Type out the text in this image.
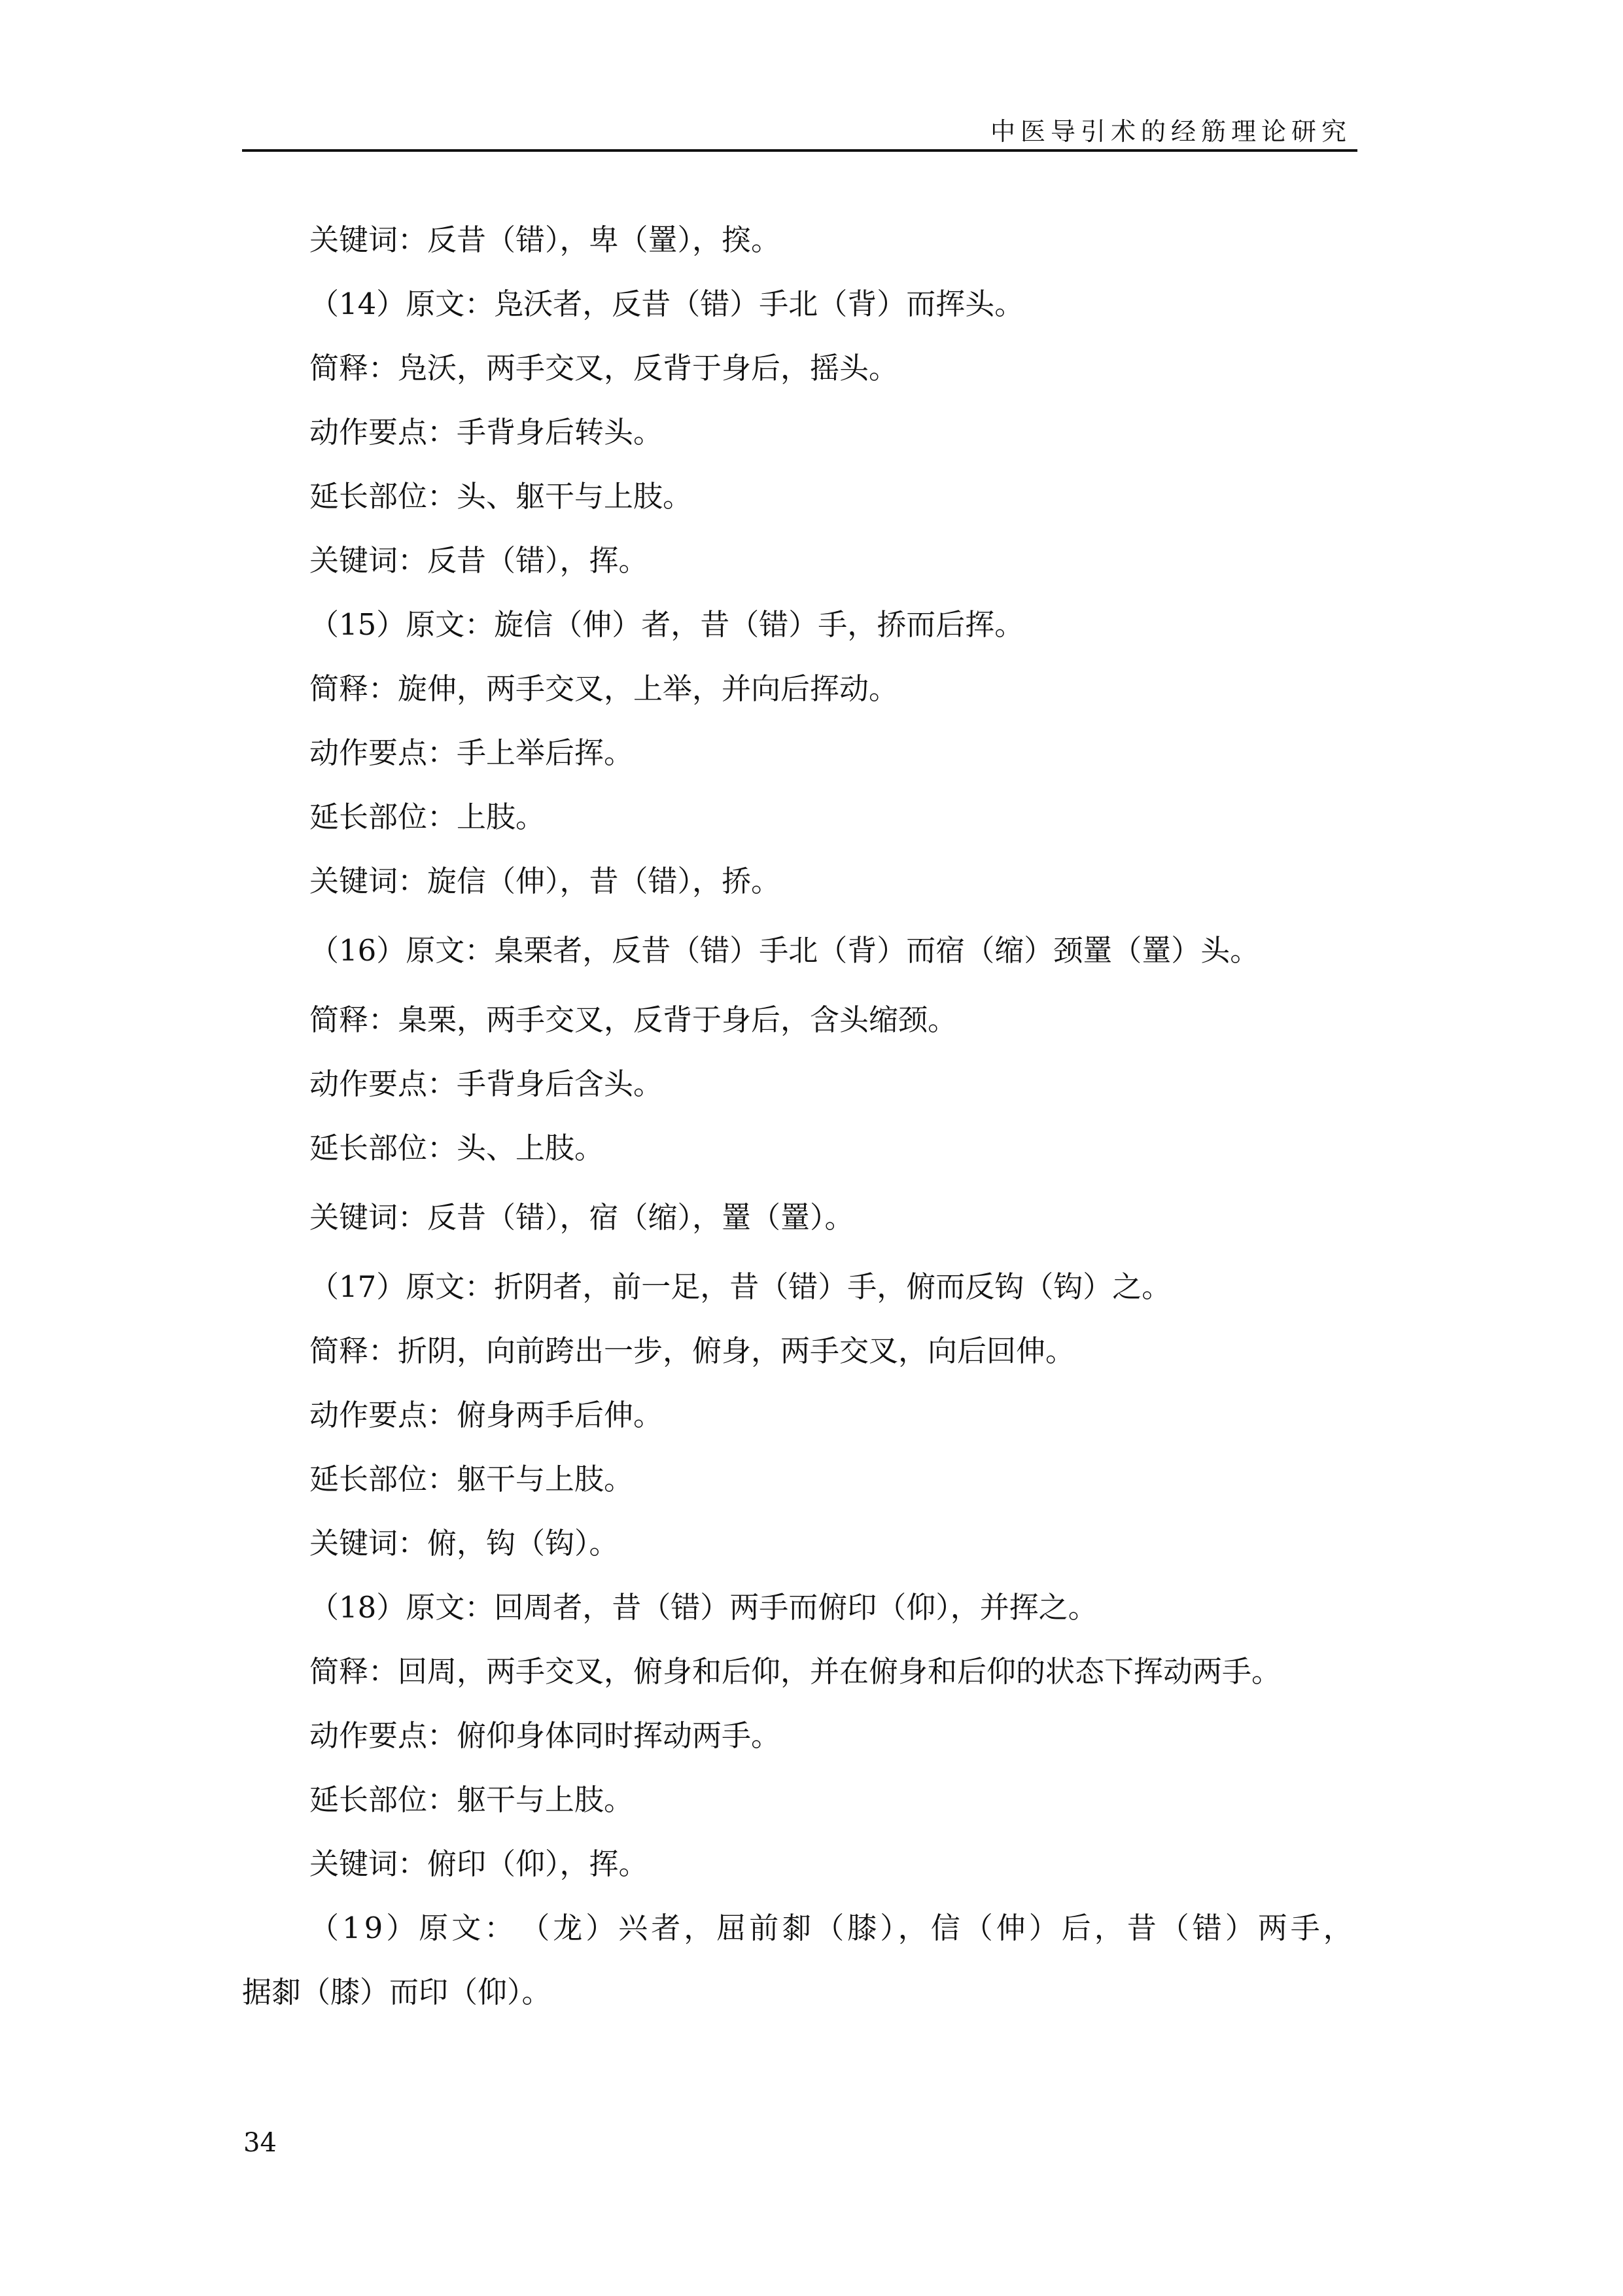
中医导引术的经筋理论研究

关键词：反昔（错），卑（罿），揬。

（14）原文：凫沃者，反昔（错）手北（背）而挥头。

简释：凫沃，两手交叉，反背于身后，摇头。

动作要点：手背身后转头。

延长部位：头、躯干与上肢。

关键词：反昔（错），挥。

（15）原文：旋信（伸）者，昔（错）手，挢而后挥。

简释：旋伸，两手交叉，上举，并向后挥动。

动作要点：手上举后挥。

延长部位：上肢。

关键词：旋信（伸），昔（错），挢。

（16）原文：臬栗者，反昔（错）手北（背）而宿（缩）颈罿（罿）头。

简释：臬栗，两手交叉，反背于身后，含头缩颈。

动作要点：手背身后含头。

延长部位：头、上肢。

关键词：反昔（错），宿（缩），罿（罿）。

（17）原文：折阴者，前一足，昔（错）手，俯而反钩（钩）之。

简释：折阴，向前跨出一步，俯身，两手交叉，向后回伸。

动作要点：俯身两手后伸。

延长部位：躯干与上肢。

关键词：俯，钩（钩）。

（18）原文：回周者，昔（错）两手而俯印（仰），并挥之。

简释：回周，两手交叉，俯身和后仰，并在俯身和后仰的状态下挥动两手。

动作要点：俯仰身体同时挥动两手。

延长部位：躯干与上肢。

关键词：俯印（仰），挥。

（19）原文：　（龙）兴者，屈前厀（膝），信（伸）后，昔（错）两手，

据厀（膝）而印（仰）。

34
